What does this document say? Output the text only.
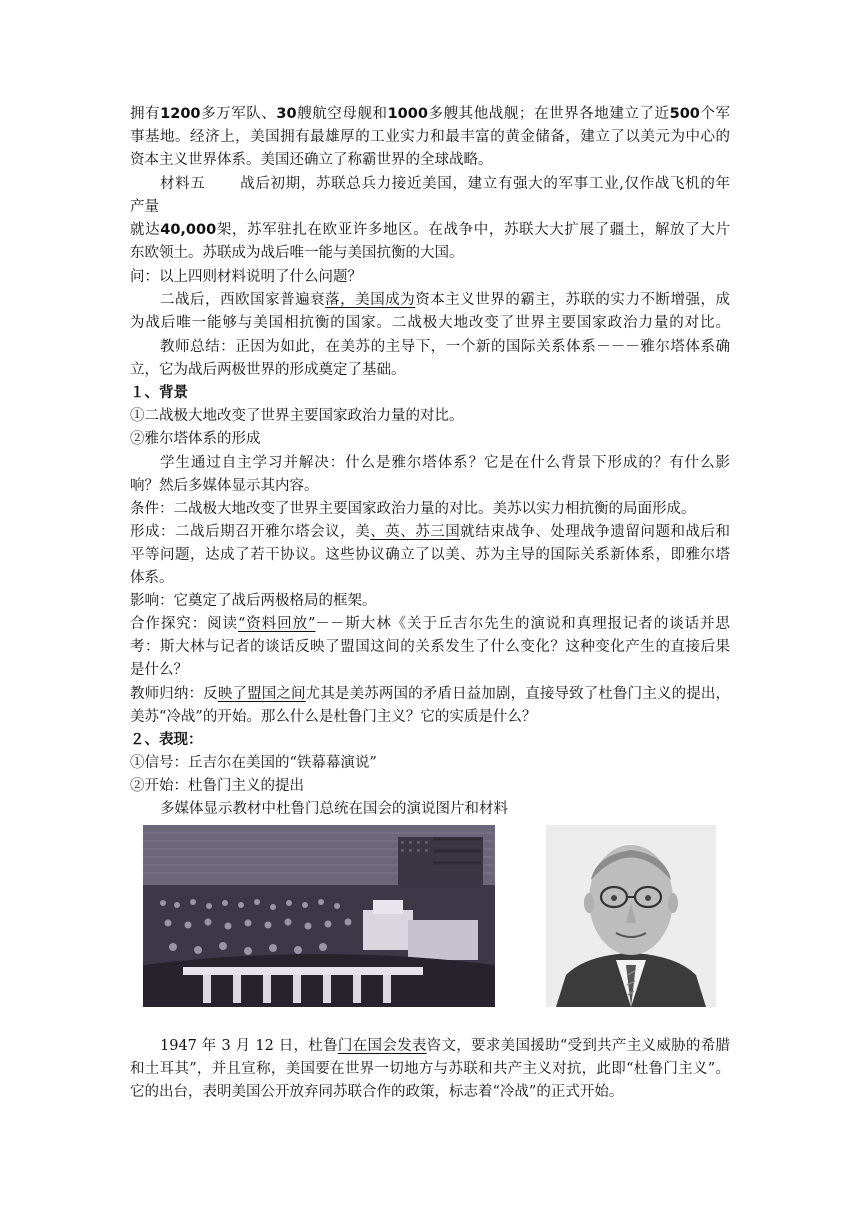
拥有1200多万军队、30艘航空母舰和1000多艘其他战舰；在世界各地建立了近500个军
事基地。经济上，美国拥有最雄厚的工业实力和最丰富的黄金储备，建立了以美元为中心的
资本主义世界体系。美国还确立了称霸世界的全球战略。
材料五 战后初期，苏联总兵力接近美国，建立有强大的军事工业,仅作战飞机的年
产量
就达40,000架，苏军驻扎在欧亚许多地区。在战争中，苏联大大扩展了疆土，解放了大片
东欧领土。苏联成为战后唯一能与美国抗衡的大国。
问：以上四则材料说明了什么问题？
二战后，西欧国家普遍衰落，美国成为资本主义世界的霸主，苏联的实力不断增强，成
为战后唯一能够与美国相抗衡的国家。二战极大地改变了世界主要国家政治力量的对比。
教师总结：正因为如此，在美苏的主导下，一个新的国际关系体系－－－雅尔塔体系确
立，它为战后两极世界的形成奠定了基础。
１、背景
①二战极大地改变了世界主要国家政治力量的对比。
②雅尔塔体系的形成
学生通过自主学习并解决：什么是雅尔塔体系？它是在什么背景下形成的？有什么影
响？然后多媒体显示其内容。
条件：二战极大地改变了世界主要国家政治力量的对比。美苏以实力相抗衡的局面形成。
形成：二战后期召开雅尔塔会议，美、英、苏三国就结束战争、处理战争遗留问题和战后和
平等问题，达成了若干协议。这些协议确立了以美、苏为主导的国际关系新体系，即雅尔塔
体系。
影响：它奠定了战后两极格局的框架。
合作探究：阅读“资料回放”－－斯大林《关于丘吉尔先生的演说和真理报记者的谈话并思
考：斯大林与记者的谈话反映了盟国这间的关系发生了什么变化？这种变化产生的直接后果
是什么？
教师归纳：反映了盟国之间尤其是美苏两国的矛盾日益加剧，直接导致了杜鲁门主义的提出，
美苏“冷战”的开始。那么什么是杜鲁门主义？它的实质是什么？
２、表现：
①信号：丘吉尔在美国的“铁幕幕演说”
②开始：杜鲁门主义的提出
多媒体显示教材中杜鲁门总统在国会的演说图片和材料
1947 年 3 月 12 日，杜鲁门在国会发表咨文，要求美国援助“受到共产主义威胁的希腊
和土耳其”，并且宣称，美国要在世界一切地方与苏联和共产主义对抗，此即“杜鲁门主义”。
它的出台，表明美国公开放弃同苏联合作的政策，标志着“冷战”的正式开始。
